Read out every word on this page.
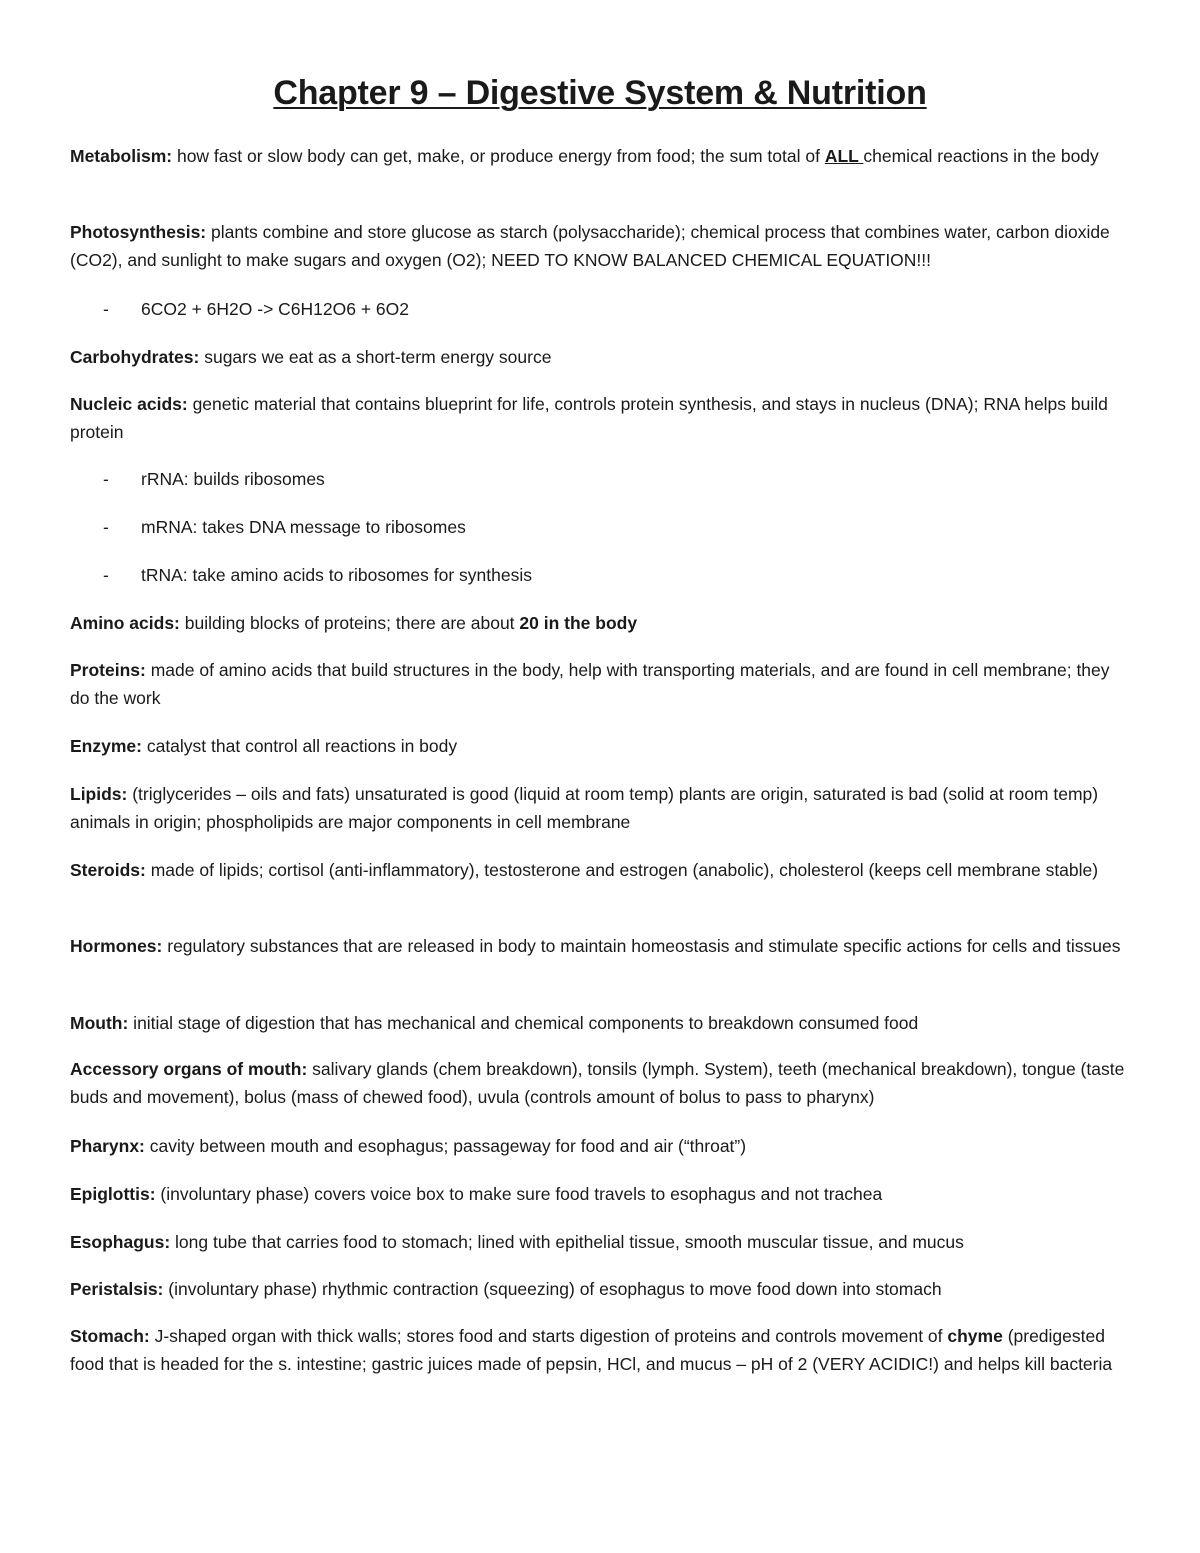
Chapter 9 – Digestive System & Nutrition

Metabolism: how fast or slow body can get, make, or produce energy from food; the sum total of ALL chemical reactions in the body

Photosynthesis: plants combine and store glucose as starch (polysaccharide); chemical process that combines water, carbon dioxide (CO2), and sunlight to make sugars and oxygen (O2); NEED TO KNOW BALANCED CHEMICAL EQUATION!!!

- 6CO2 + 6H2O -> C6H12O6 + 6O2

Carbohydrates: sugars we eat as a short-term energy source

Nucleic acids: genetic material that contains blueprint for life, controls protein synthesis, and stays in nucleus (DNA); RNA helps build protein

- rRNA: builds ribosomes
- mRNA: takes DNA message to ribosomes
- tRNA: take amino acids to ribosomes for synthesis

Amino acids: building blocks of proteins; there are about 20 in the body

Proteins: made of amino acids that build structures in the body, help with transporting materials, and are found in cell membrane; they do the work

Enzyme: catalyst that control all reactions in body

Lipids: (triglycerides – oils and fats) unsaturated is good (liquid at room temp) plants are origin, saturated is bad (solid at room temp) animals in origin; phospholipids are major components in cell membrane

Steroids: made of lipids; cortisol (anti-inflammatory), testosterone and estrogen (anabolic), cholesterol (keeps cell membrane stable)

Hormones: regulatory substances that are released in body to maintain homeostasis and stimulate specific actions for cells and tissues

Mouth: initial stage of digestion that has mechanical and chemical components to breakdown consumed food

Accessory organs of mouth: salivary glands (chem breakdown), tonsils (lymph. System), teeth (mechanical breakdown), tongue (taste buds and movement), bolus (mass of chewed food), uvula (controls amount of bolus to pass to pharynx)

Pharynx: cavity between mouth and esophagus; passageway for food and air (“throat”)

Epiglottis: (involuntary phase) covers voice box to make sure food travels to esophagus and not trachea

Esophagus: long tube that carries food to stomach; lined with epithelial tissue, smooth muscular tissue, and mucus

Peristalsis: (involuntary phase) rhythmic contraction (squeezing) of esophagus to move food down into stomach

Stomach: J-shaped organ with thick walls; stores food and starts digestion of proteins and controls movement of chyme (predigested food that is headed for the s. intestine; gastric juices made of pepsin, HCl, and mucus – pH of 2 (VERY ACIDIC!) and helps kill bacteria
